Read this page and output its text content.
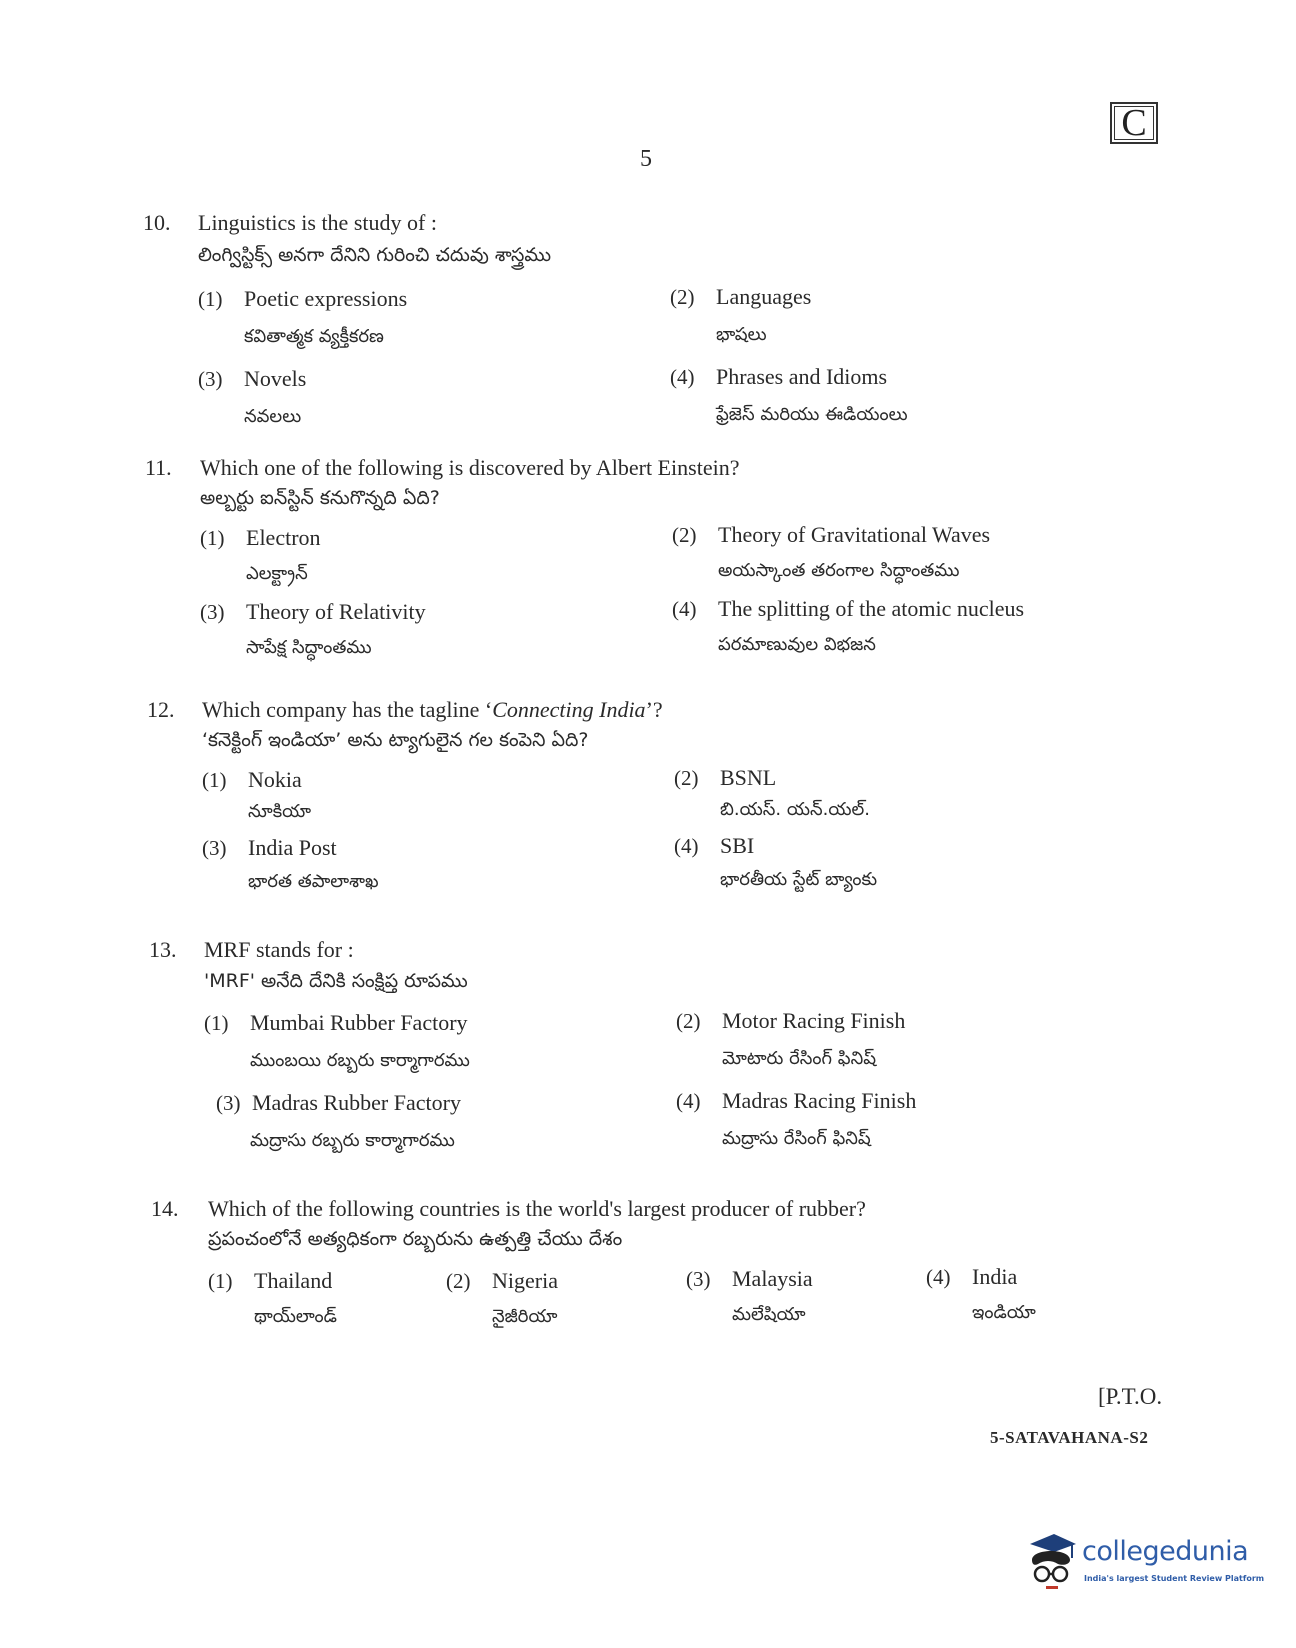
C
5
10. Linguistics is the study of :
లింగ్విస్టిక్స్ అనగా దేనిని గురించి చదువు శాస్త్రము
(1) Poetic expressions
కవితాత్మక వ్యక్తీకరణ
(2) Languages
భాషలు
(3) Novels
నవలలు
(4) Phrases and Idioms
ఫ్రేజెస్ మరియు ఈడియంలు
11. Which one of the following is discovered by Albert Einstein?
అల్బర్టు ఐన్‌స్టిన్ కనుగొన్నది ఏది?
(1) Electron
ఎలక్ట్రాన్
(2) Theory of Gravitational Waves
అయస్కాంత తరంగాల సిద్ధాంతము
(3) Theory of Relativity
సాపేక్ష సిద్ధాంతము
(4) The splitting of the atomic nucleus
పరమాణువుల విభజన
12. Which company has the tagline ‘Connecting India’?
‘కనెక్టింగ్ ఇండియా’ అను ట్యాగులైన గల కంపెని ఏది?
(1) Nokia
నూకియా
(2) BSNL
బి.యస్. యన్.యల్.
(3) India Post
భారత తపాలాశాఖ
(4) SBI
భారతీయ స్టేట్ బ్యాంకు
13. MRF stands for :
'MRF' అనేది దేనికి సంక్షిప్త రూపము
(1) Mumbai Rubber Factory
ముంబయి రబ్బరు కార్మాగారము
(2) Motor Racing Finish
మోటారు రేసింగ్ ఫినిష్
(3) Madras Rubber Factory
మద్రాసు రబ్బరు కార్మాగారము
(4) Madras Racing Finish
మద్రాసు రేసింగ్ ఫినిష్
14. Which of the following countries is the world's largest producer of rubber?
ప్రపంచంలోనే అత్యధికంగా రబ్బరును ఉత్పత్తి చేయు దేశం
(1) Thailand
థాయ్‌లాండ్
(2) Nigeria
నైజీరియా
(3) Malaysia
మలేషియా
(4) India
ఇండియా
[P.T.O.
5-SATAVAHANA-S2
collegedunia
India's largest Student Review Platform
